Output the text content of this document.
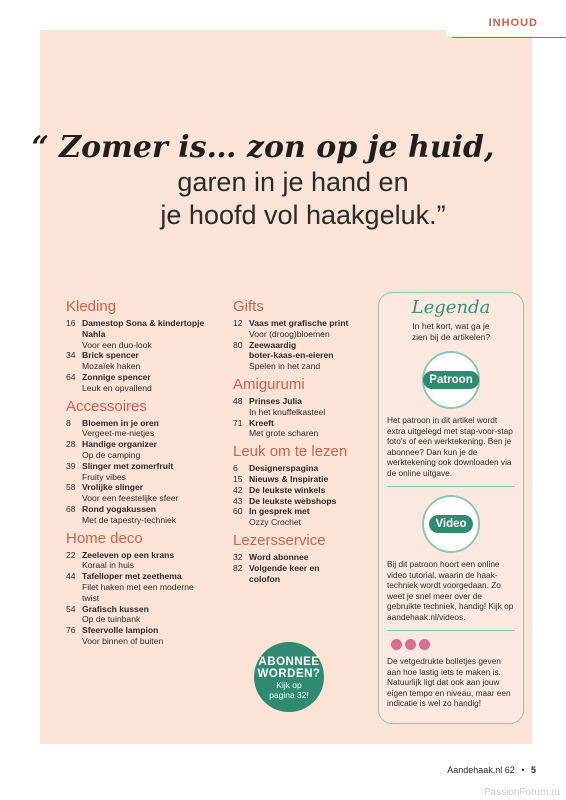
INHOUD
“ Zomer is… zon op je huid,
garen in je hand en
je hoofd vol haakgeluk.”
Kleding
16 Damestop Sona & kindertopje
Nahla
Voor een duo-look
34 Brick spencer
Mozaïek haken
64 Zonnige spencer
Leuk en opvallend
Accessoires
8	Bloemen in je oren
Vergeet-me-nietjes
28 Handige organizer
Op de camping
39 Slinger met zomerfruit
Fruity vibes
58 Vrolijke slinger
Voor een feestelijke sfeer
68 Rond yogakussen
Met de tapestry-techniek
Home deco
22 Zeeleven op een krans
Koraal in huis
44 Tafelloper met zeethema
Filet haken met een moderne
twist
54 Grafisch kussen
Op de tuinbank
76 Sfeervolle lampion
Voor binnen of buiten
Gifts
12 Vaas met grafische print
Voor (droog)bloemen
80 Zeewaardig
boter-kaas-en-eieren
Spelen in het zand
Amigurumi
48 Prinses Julia
In het knuffelkasteel
71 Kreeft
Met grote scharen
Leuk om te lezen
6	Designerspagina
15 Nieuws & Inspiratie
42 De leukste winkels
43 De leukste webshops
60 In gesprek met
Ozzy Crochet
Lezersservice
32 Word abonnee
82 Volgende keer en
colofon
ABONNEE
WORDEN?
Kijk op
pagina 32!
Legenda
In het kort, wat ga je
zien bij de artikelen?
Patroon
Het patroon in dit artikel wordt extra uitgelegd met stap-voor-stap foto's of een werktekening. Ben je abonnee? Dan kun je de werktekening ook downloaden via de online uitgave.
Video
Bij dit patroon hoort een online video tutorial, waarin de haak-techniek wordt voorgedaan. Zo weet je snel meer over de gebruikte techniek, handig! Kijk op aandehaak.nl/videos.
De vetgedrukte bolletjes geven aan hoe lastig iets te maken is. Natuurlijk ligt dat ook aan jouw eigen tempo en niveau, maar een indicatie is wel zo handig!
Aandehaak.nl 62 • 5
PassionForum.ru
